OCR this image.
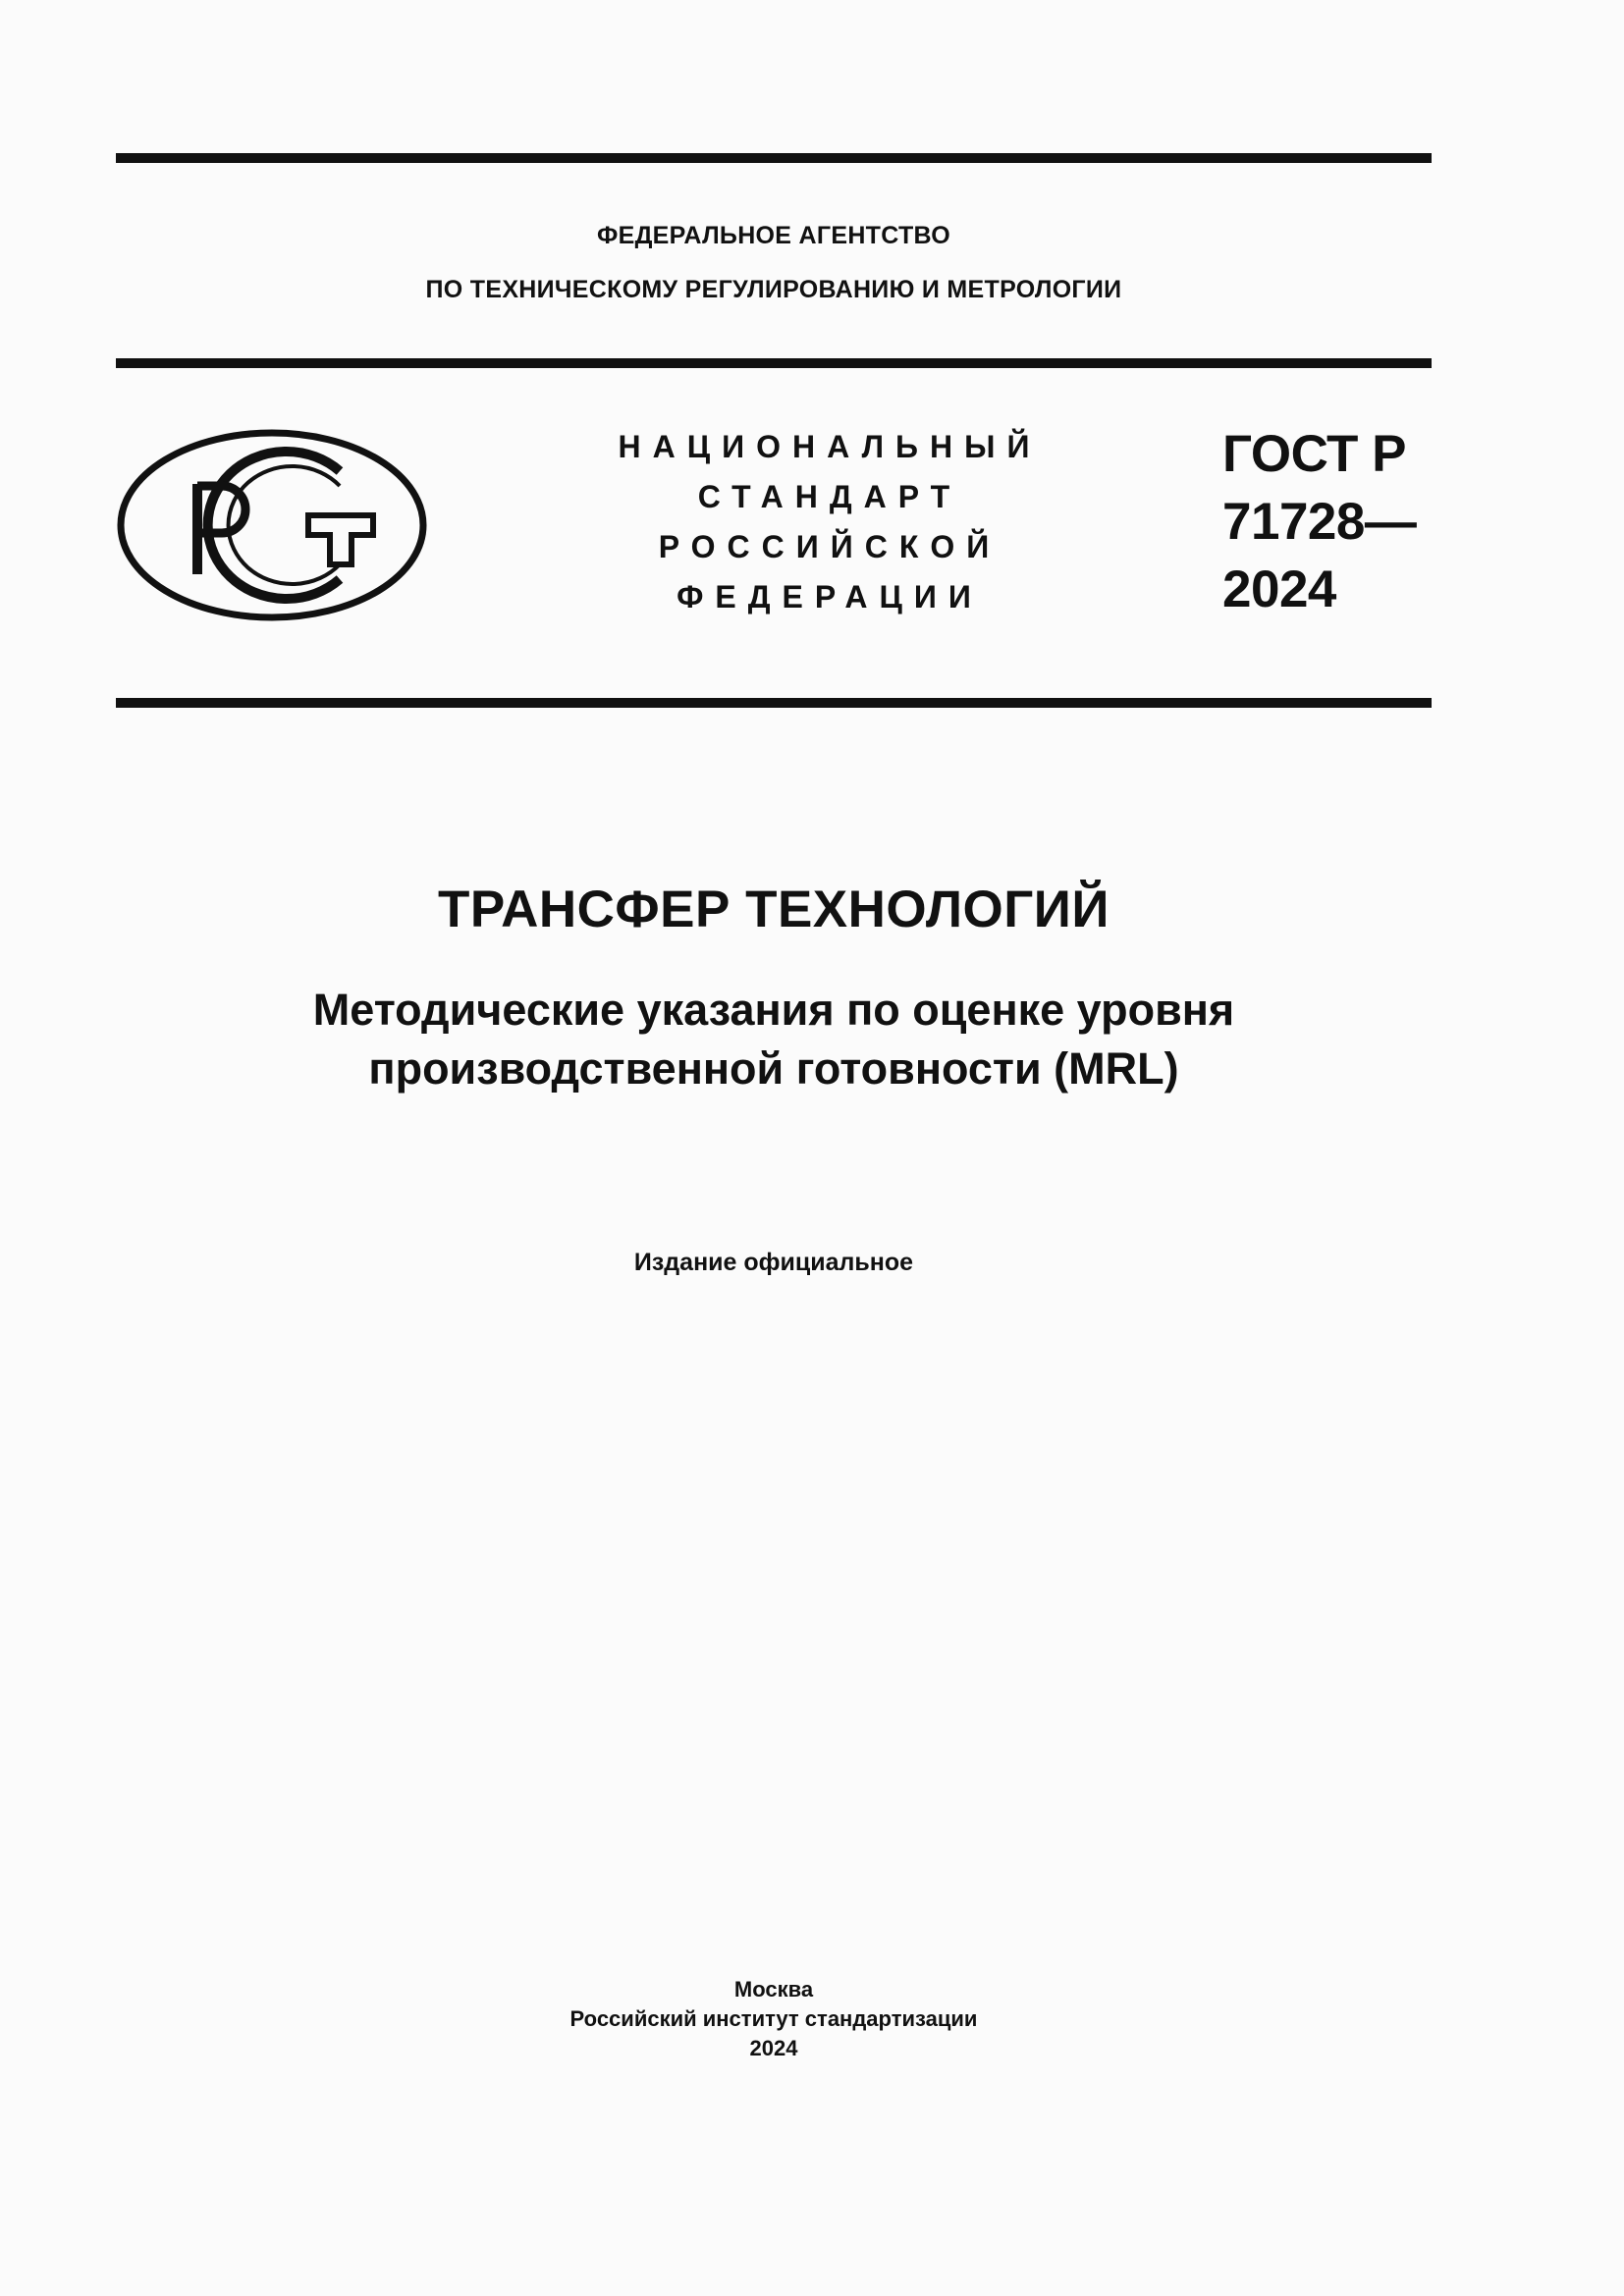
ФЕДЕРАЛЬНОЕ АГЕНТСТВО
ПО ТЕХНИЧЕСКОМУ РЕГУЛИРОВАНИЮ И МЕТРОЛОГИИ
НАЦИОНАЛЬНЫЙ
СТАНДАРТ
РОССИЙСКОЙ
ФЕДЕРАЦИИ
ГОСТ Р
71728—
2024
ТРАНСФЕР ТЕХНОЛОГИЙ
Методические указания по оценке уровня
производственной готовности (MRL)
Издание официальное
Москва
Российский институт стандартизации
2024
